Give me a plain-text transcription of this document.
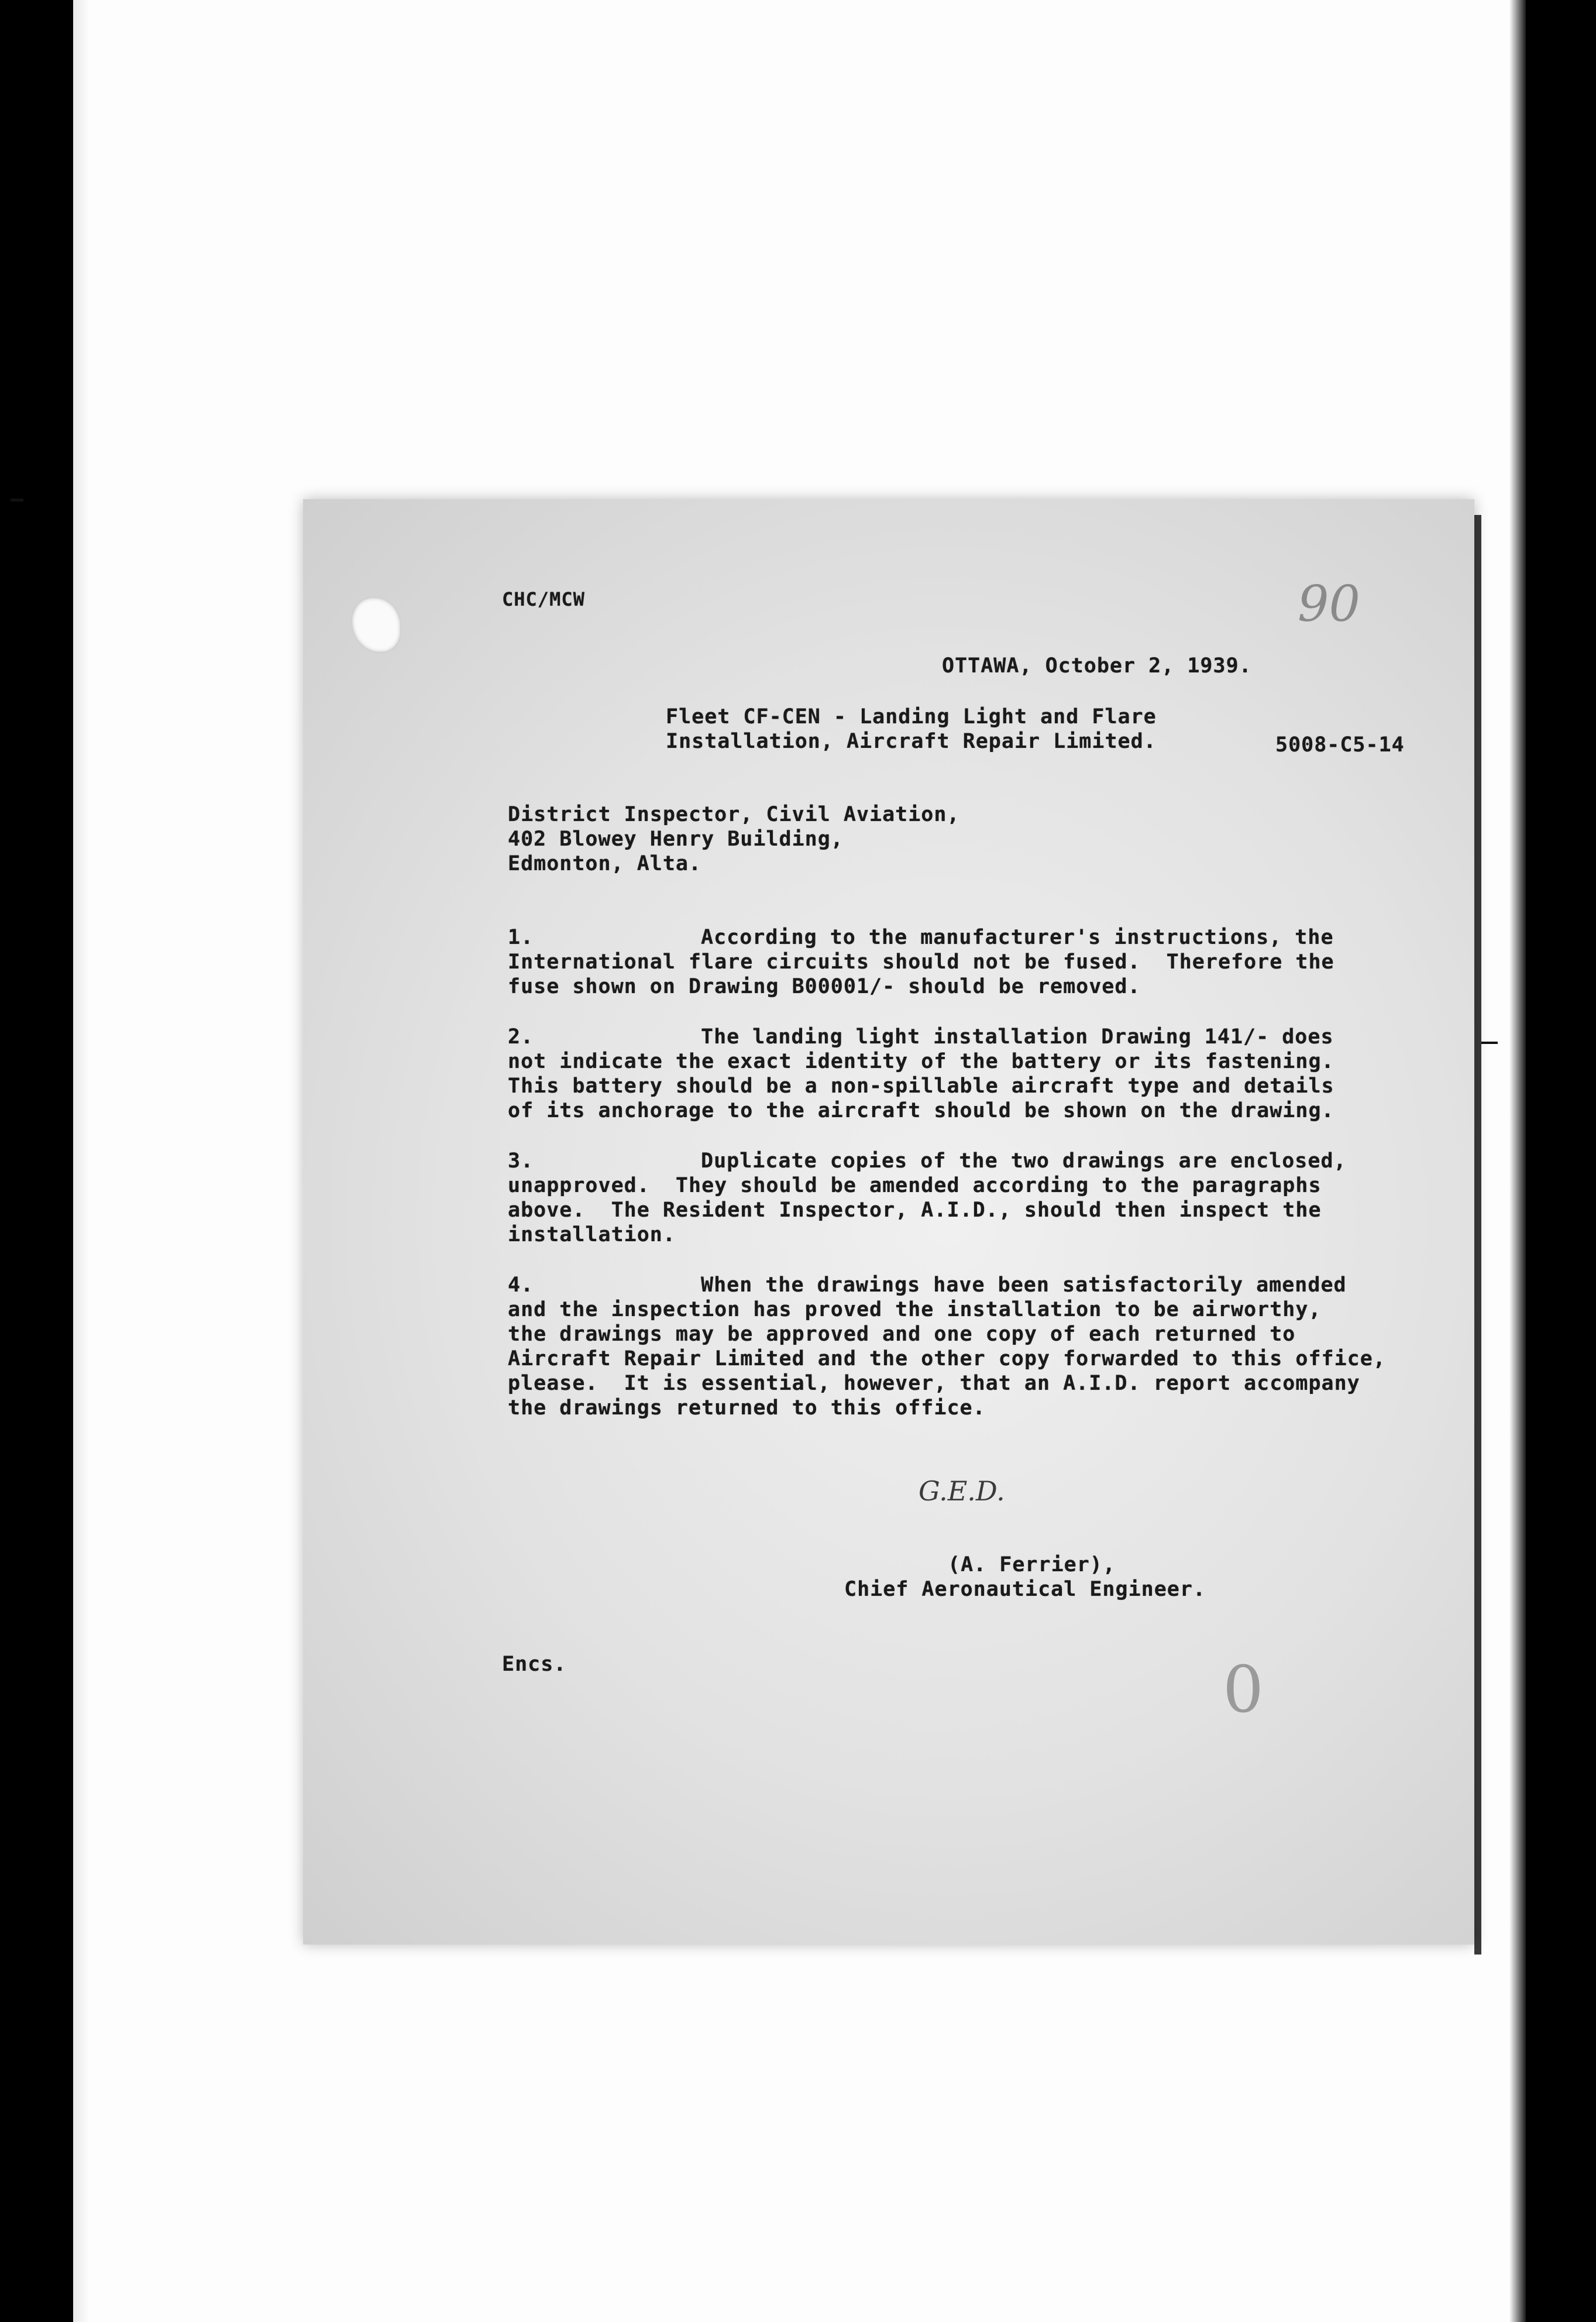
CHC/MCW	90
OTTAWA, October 2, 1939.
Fleet CF-CEN - Landing Light and Flare
Installation, Aircraft Repair Limited.	5008-C5-14
District Inspector, Civil Aviation,
402 Blowey Henry Building,
Edmonton, Alta.
1.	According to the manufacturer's instructions, the
International flare circuits should not be fused.  Therefore the
fuse shown on Drawing B00001/- should be removed.
2.	The landing light installation Drawing 141/- does
not indicate the exact identity of the battery or its fastening.
This battery should be a non-spillable aircraft type and details
of its anchorage to the aircraft should be shown on the drawing.
3.	Duplicate copies of the two drawings are enclosed,
unapproved.  They should be amended according to the paragraphs
above.  The Resident Inspector, A.I.D., should then inspect the
installation.
4.	When the drawings have been satisfactorily amended
and the inspection has proved the installation to be airworthy,
the drawings may be approved and one copy of each returned to
Aircraft Repair Limited and the other copy forwarded to this office,
please.  It is essential, however, that an A.I.D. report accompany
the drawings returned to this office.
G.E.D.
(A. Ferrier),
Chief Aeronautical Engineer.
Encs.	0
